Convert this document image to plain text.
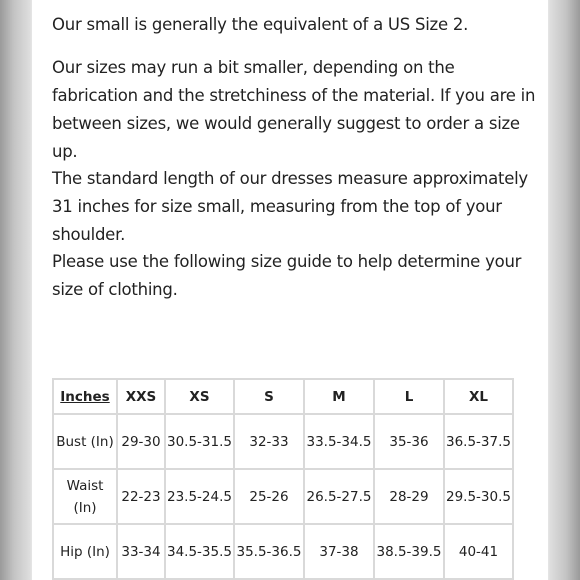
Our small is generally the equivalent of a US Size 2.

Our sizes may run a bit smaller, depending on the fabrication and the stretchiness of the material. If you are in between sizes, we would generally suggest to order a size up.

The standard length of our dresses measure approximately 31 inches for size small, measuring from the top of your shoulder.

Please use the following size guide to help determine your size of clothing.

Inches	XXS	XS	S	M	L	XL
Bust (In)	29-30	30.5-31.5	32-33	33.5-34.5	35-36	36.5-37.5
Waist (In)	22-23	23.5-24.5	25-26	26.5-27.5	28-29	29.5-30.5
Hip (In)	33-34	34.5-35.5	35.5-36.5	37-38	38.5-39.5	40-41
